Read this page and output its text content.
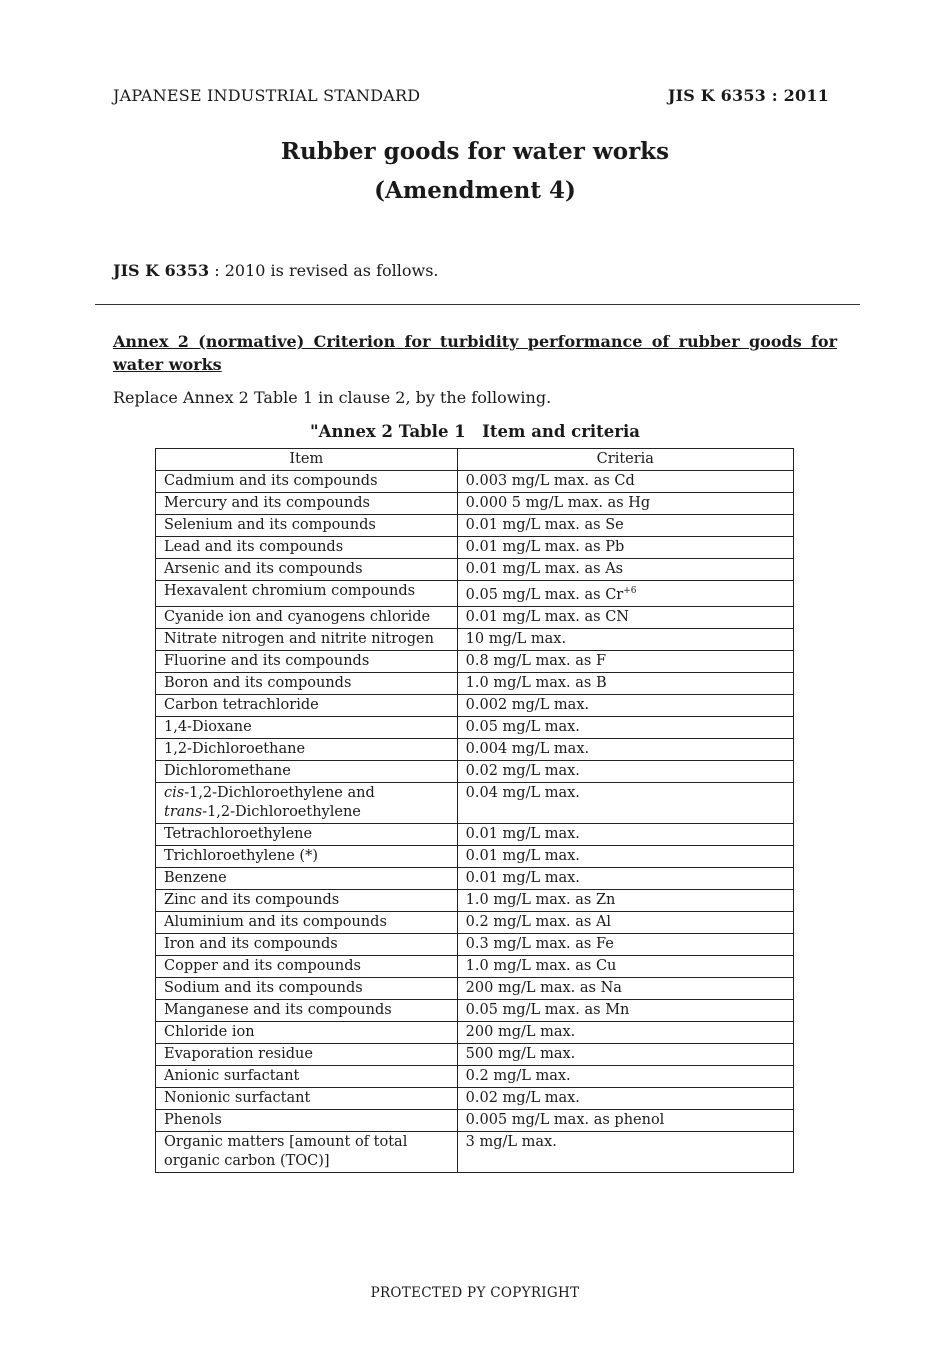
JAPANESE INDUSTRIAL STANDARD	JIS K 6353 : 2011
Rubber goods for water works
(Amendment 4)
JIS K 6353 : 2010 is revised as follows.
Annex 2 (normative) Criterion for turbidity performance of rubber goods for water works
Replace Annex 2 Table 1 in clause 2, by the following.
"Annex 2 Table 1 Item and criteria
Item	Criteria
Cadmium and its compounds	0.003 mg/L max. as Cd
Mercury and its compounds	0.000 5 mg/L max. as Hg
Selenium and its compounds	0.01 mg/L max. as Se
Lead and its compounds	0.01 mg/L max. as Pb
Arsenic and its compounds	0.01 mg/L max. as As
Hexavalent chromium compounds	0.05 mg/L max. as $Cr^{+6}$
Cyanide ion and cyanogens chloride	0.01 mg/L max. as CN
Nitrate nitrogen and nitrite nitrogen	10 mg/L max.
Fluorine and its compounds	0.8 mg/L max. as F
Boron and its compounds	1.0 mg/L max. as B
Carbon tetrachloride	0.002 mg/L max.
1,4-Dioxane	0.05 mg/L max.
1,2-Dichloroethane	0.004 mg/L max.
Dichloromethane	0.02 mg/L max.
cis-1,2-Dichloroethylene and
trans-1,2-Dichloroethylene	0.04 mg/L max.
Tetrachloroethylene	0.01 mg/L max.
Trichloroethylene (*)	0.01 mg/L max.
Benzene	0.01 mg/L max.
Zinc and its compounds	1.0 mg/L max. as Zn
Aluminium and its compounds	0.2 mg/L max. as Al
Iron and its compounds	0.3 mg/L max. as Fe
Copper and its compounds	1.0 mg/L max. as Cu
Sodium and its compounds	200 mg/L max. as Na
Manganese and its compounds	0.05 mg/L max. as Mn
Chloride ion	200 mg/L max.
Evaporation residue	500 mg/L max.
Anionic surfactant	0.2 mg/L max.
Nonionic surfactant	0.02 mg/L max.
Phenols	0.005 mg/L max. as phenol
Organic matters [amount of total
organic carbon (TOC)]	3 mg/L max.
PROTECTED PY COPYRIGHT
